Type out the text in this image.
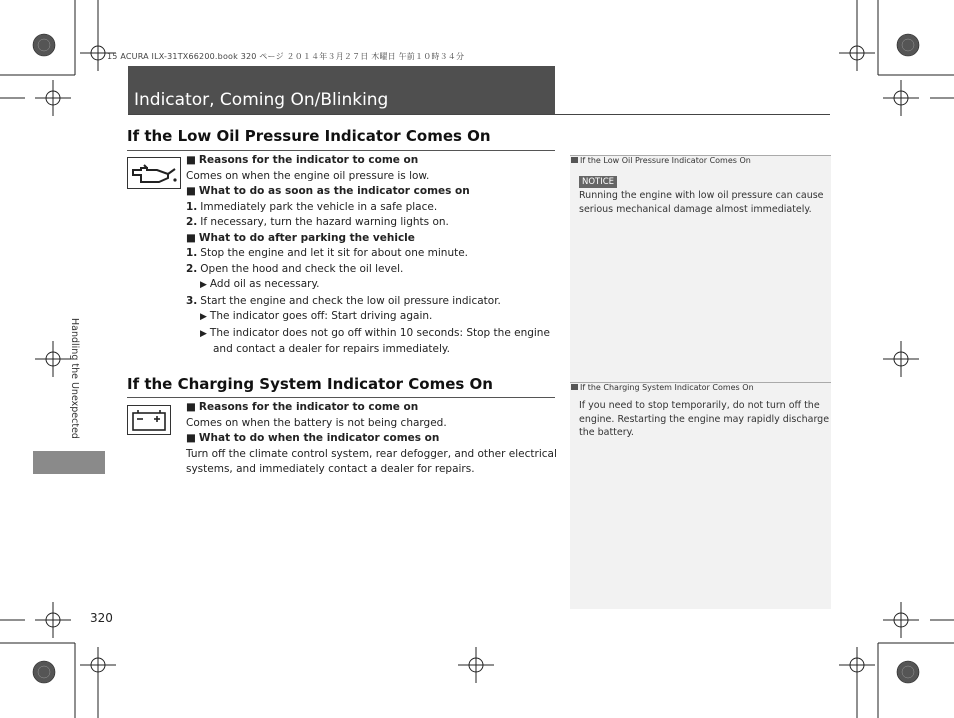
15 ACURA ILX-31TX66200.book 320 ページ ２０１４年３月２７日 木曜日 午前１０時３４分
Indicator, Coming On/Blinking
Handling the Unexpected
If the Low Oil Pressure Indicator Comes On
■ Reasons for the indicator to come on
Comes on when the engine oil pressure is low.
■ What to do as soon as the indicator comes on
1. Immediately park the vehicle in a safe place.
2. If necessary, turn the hazard warning lights on.
■ What to do after parking the vehicle
1. Stop the engine and let it sit for about one minute.
2. Open the hood and check the oil level.
▶ Add oil as necessary.
3. Start the engine and check the low oil pressure indicator.
▶ The indicator goes off: Start driving again.
▶ The indicator does not go off within 10 seconds: Stop the engine
and contact a dealer for repairs immediately.
If the Charging System Indicator Comes On
■ Reasons for the indicator to come on
Comes on when the battery is not being charged.
■ What to do when the indicator comes on
Turn off the climate control system, rear defogger, and other electrical
systems, and immediately contact a dealer for repairs.
If the Low Oil Pressure Indicator Comes On
NOTICE
Running the engine with low oil pressure can cause
serious mechanical damage almost immediately.
If the Charging System Indicator Comes On
If you need to stop temporarily, do not turn off the
engine. Restarting the engine may rapidly discharge
the battery.
320
